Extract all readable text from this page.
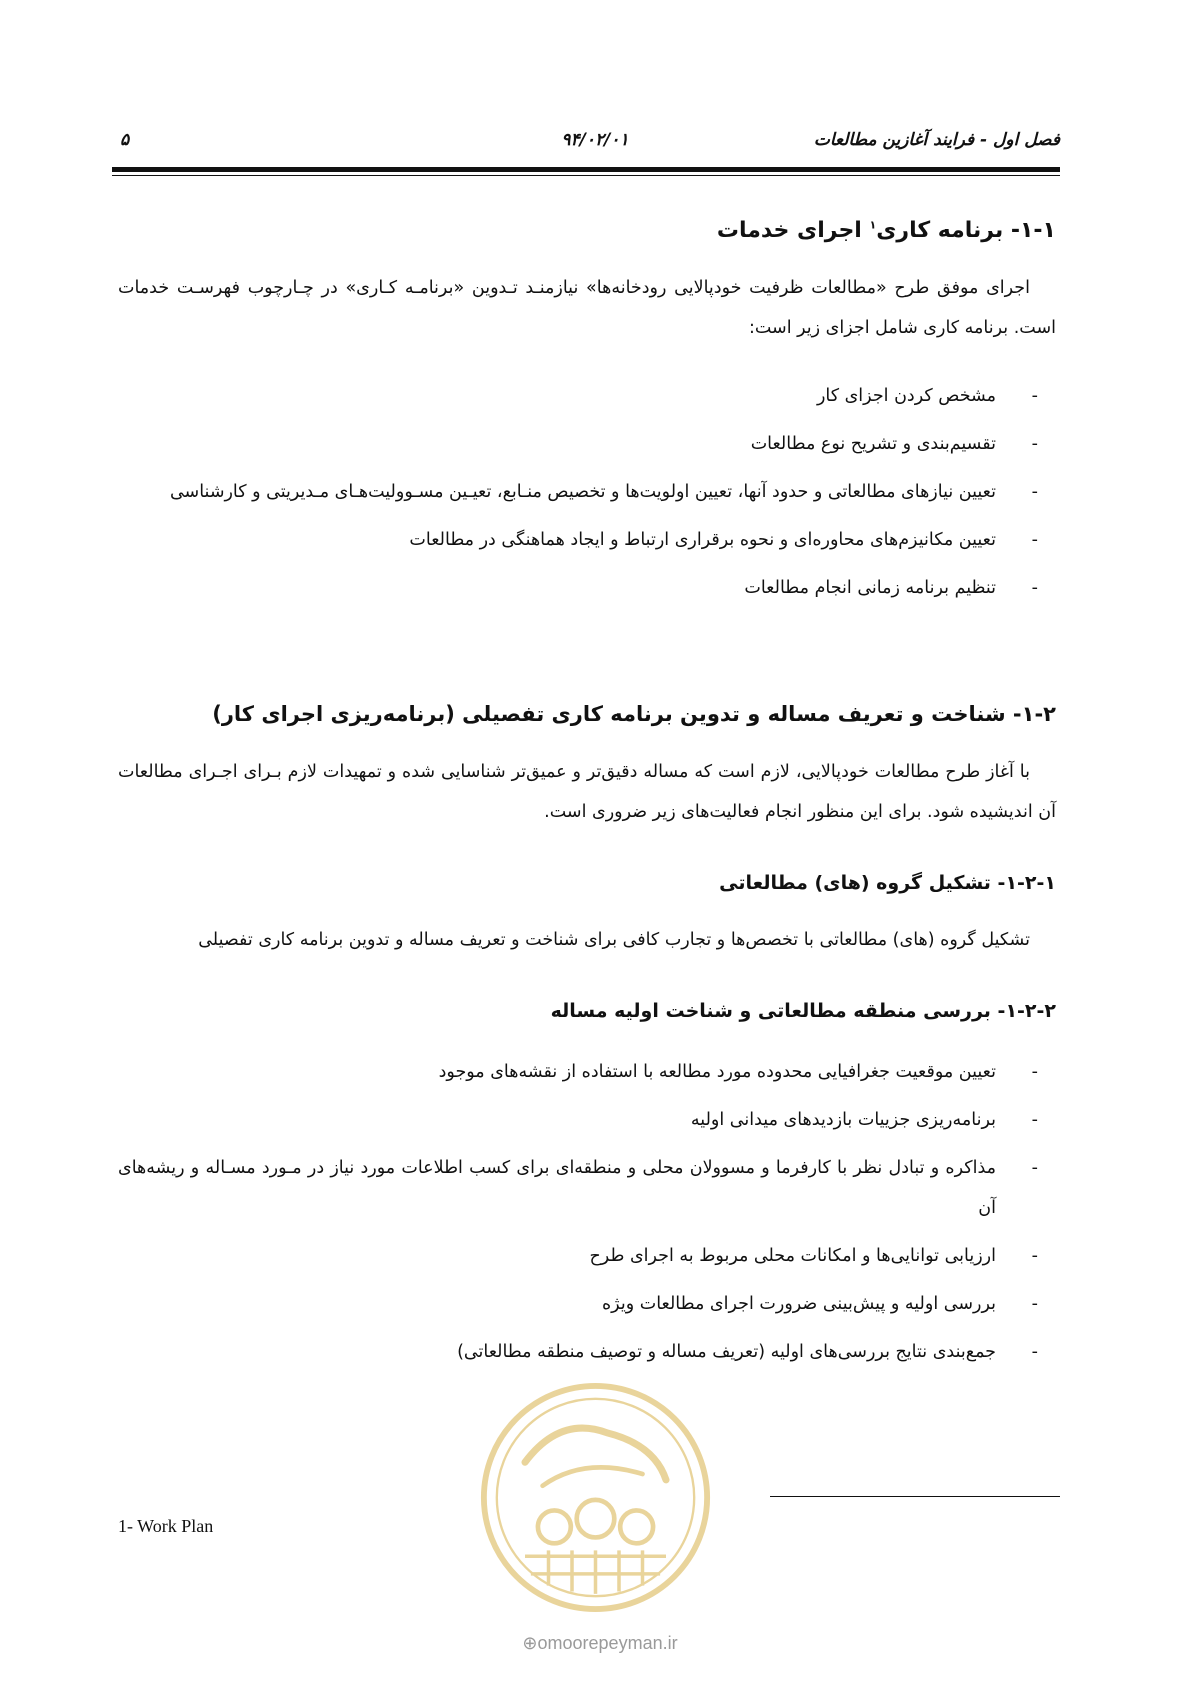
فصل اول - فرایند آغازین مطالعات
۹۴/۰۲/۰۱
۵
۱-۱- برنامه کاری$^۱$ اجرای خدمات

اجرای موفق طرح «مطالعات ظرفیت خودپالایی رودخانه‌ها» نیازمنـد تـدوین «برنامـه کـاری» در چـارچوب فهرسـت خدمات است. برنامه کاری شامل اجزای زیر است:

- مشخص کردن اجزای کار
- تقسیم‌بندی و تشریح نوع مطالعات
- تعیین نیازهای مطالعاتی و حدود آنها، تعیین اولویت‌ها و تخصیص منـابع، تعیـین مسـوولیت‌هـای مـدیریتی و کارشناسی
- تعیین مکانیزم‌های محاوره‌ای و نحوه برقراری ارتباط و ایجاد هماهنگی در مطالعات
- تنظیم برنامه زمانی انجام مطالعات
۱-۲- شناخت و تعریف مساله و تدوین برنامه کاری تفصیلی (برنامه‌ریزی اجرای کار)

با آغاز طرح مطالعات خودپالایی، لازم است که مساله دقیق‌تر و عمیق‌تر شناسایی شده و تمهیدات لازم بـرای اجـرای مطالعات آن اندیشیده شود. برای این منظور انجام فعالیت‌های زیر ضروری است.

۱-۲-۱- تشکیل گروه (های) مطالعاتی

تشکیل گروه (های) مطالعاتی با تخصص‌ها و تجارب کافی برای شناخت و تعریف مساله و تدوین برنامه کاری تفصیلی

۱-۲-۲- بررسی منطقه مطالعاتی و شناخت اولیه مساله
- تعیین موقعیت جغرافیایی محدوده مورد مطالعه با استفاده از نقشه‌های موجود
- برنامه‌ریزی جزییات بازدیدهای میدانی اولیه
- مذاکره و تبادل نظر با کارفرما و مسوولان محلی و منطقه‌ای برای کسب اطلاعات مورد نیاز در مـورد مسـاله و ریشه‌های آن
- ارزیابی توانایی‌ها و امکانات محلی مربوط به اجرای طرح
- بررسی اولیه و پیش‌بینی ضرورت اجرای مطالعات ویژه
- جمع‌بندی نتایج بررسی‌های اولیه (تعریف مساله و توصیف منطقه مطالعاتی)
1- Work Plan
⊕omoorepeyman.ir
